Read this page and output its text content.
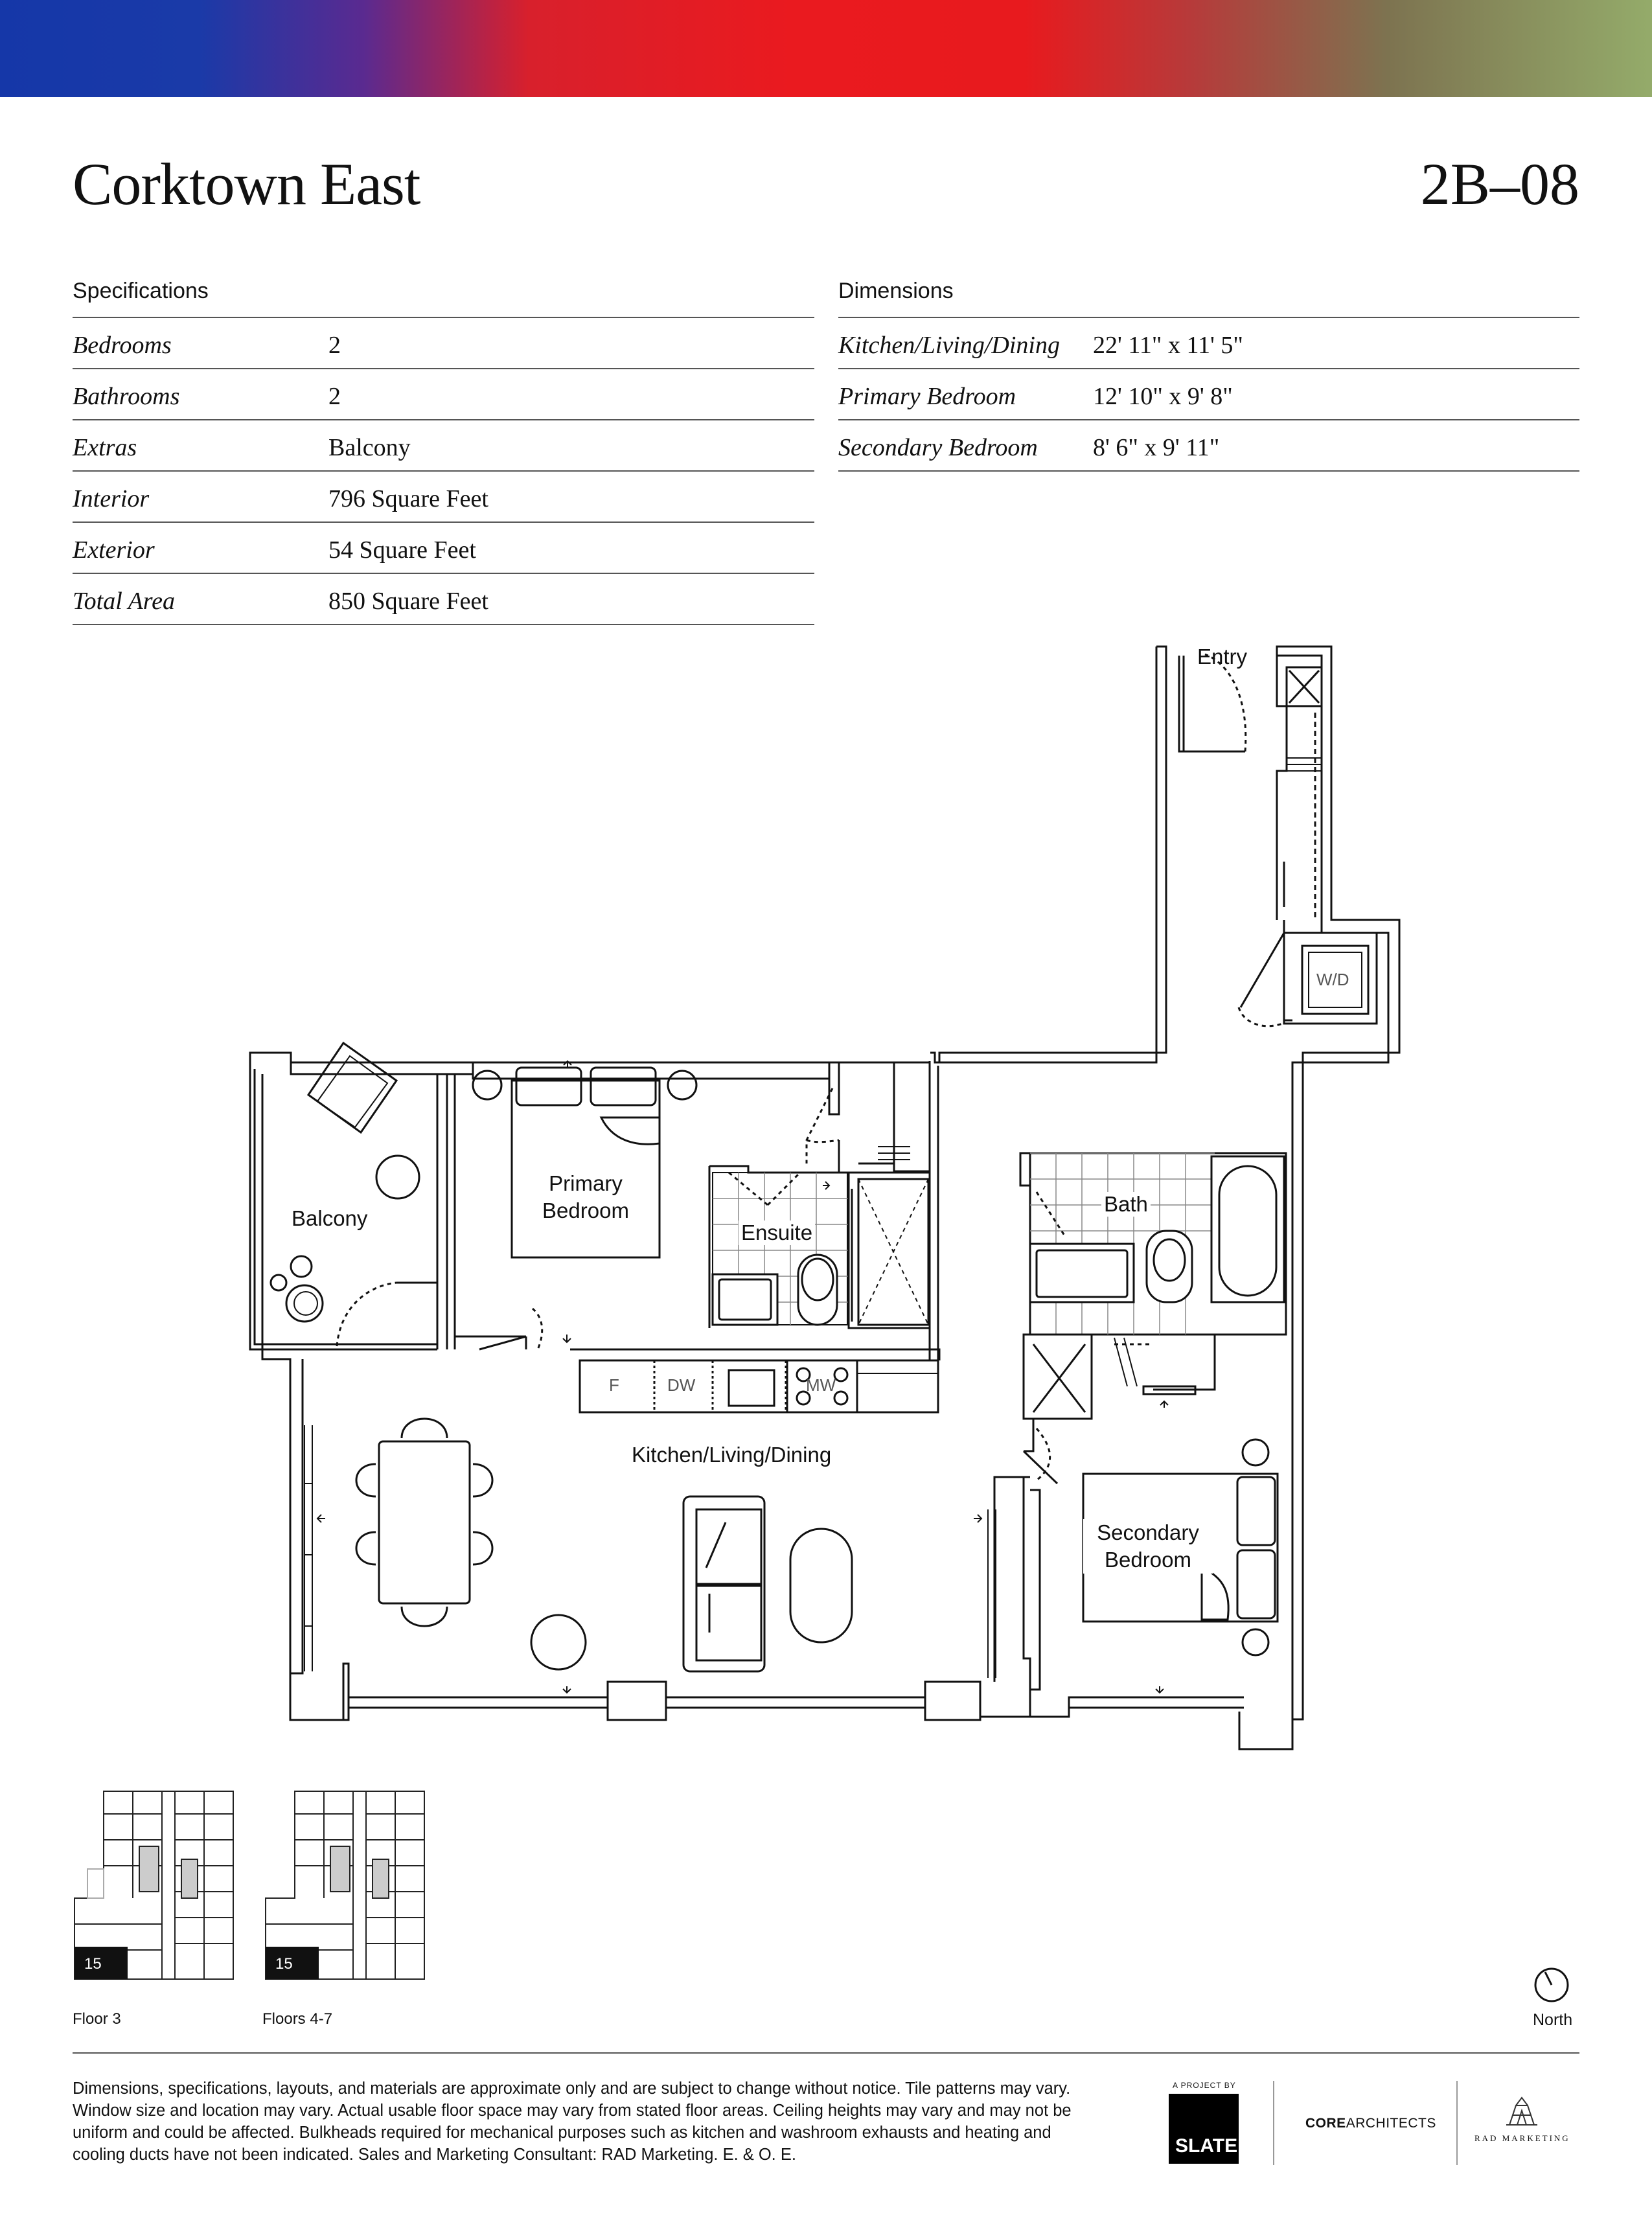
Corktown East	2B–08
Specifications
Bedrooms	2
Bathrooms	2
Extras	Balcony
Interior	796 Square Feet
Exterior	54 Square Feet
Total Area	850 Square Feet
Dimensions
Kitchen/Living/Dining 22' 11" x 11' 5"
Primary Bedroom	12' 10" x 9' 8"
Secondary Bedroom 8' 6" x 9' 11"
Entry
W/D
Balcony
Primary
Bedroom
Ensuite
Bath
Kitchen/Living/Dining
Secondary
Bedroom
F	DW	MW
15
Floor 3
15
Floors 4-7	North
Dimensions, specifications, layouts, and materials are approximate only and are subject to change without notice. Tile patterns may vary. Window size and location may vary. Actual usable floor space may vary from stated floor areas. Ceiling heights may vary and may not be uniform and could be affected. Bulkheads required for mechanical purposes such as kitchen and washroom exhausts and heating and cooling ducts have not been indicated. Sales and Marketing Consultant: RAD Marketing. E. & O. E.
A PROJECT BY
SLATE
COREARCHITECTS
RAD MARKETING
